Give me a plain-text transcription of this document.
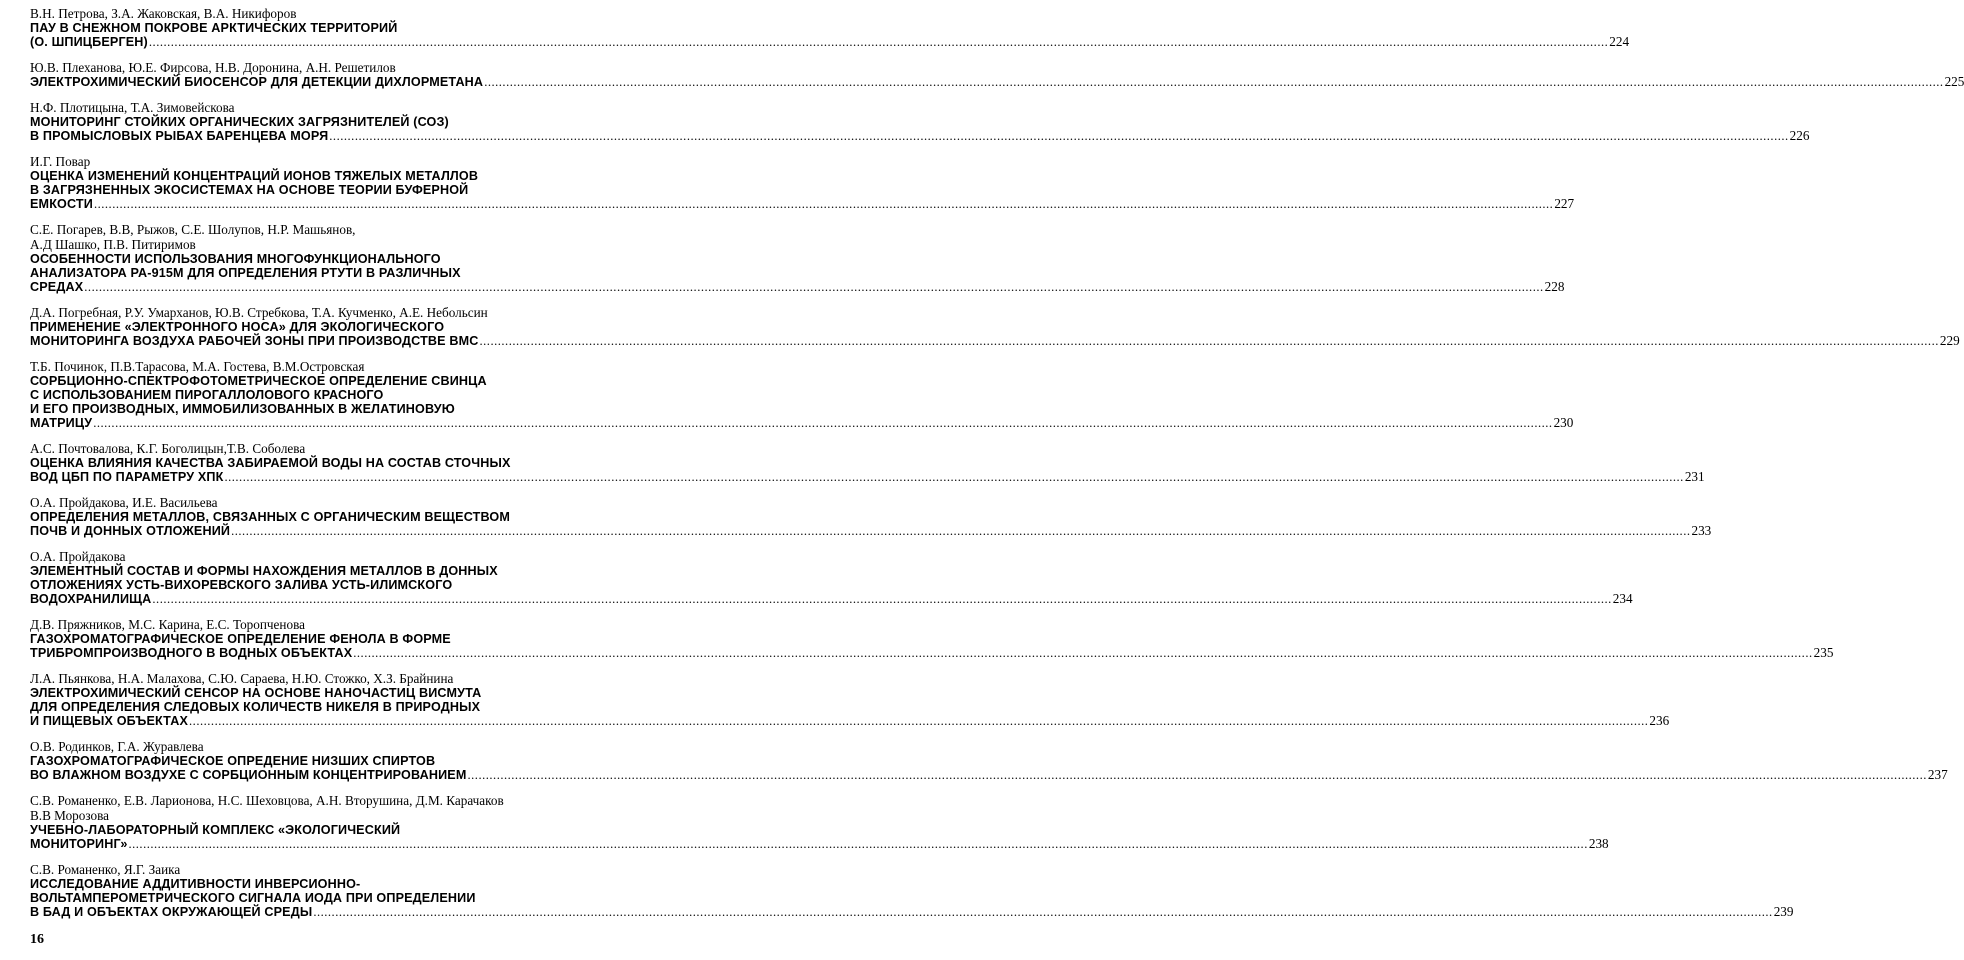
В.Н. Петрова, З.А. Жаковская, В.А. Никифоров
ПАУ В СНЕЖНОМ ПОКРОВЕ АРКТИЧЕСКИХ ТЕРРИТОРИЙ
(О. ШПИЦБЕРГЕН) ................................................................................................................................................................................................................................................................................................................................................................................................................ 224
Ю.В. Плеханова, Ю.Е. Фирсова, Н.В. Доронина, А.Н. Решетилов
ЭЛЕКТРОХИМИЧЕСКИЙ БИОСЕНСОР ДЛЯ ДЕТЕКЦИИ ДИХЛОРМЕТАНА ................................................................................................................................................................................................................................................................................................................................................................................................................ 225
Н.Ф. Плотицына, Т.А. Зимовейскова
МОНИТОРИНГ СТОЙКИХ ОРГАНИЧЕСКИХ ЗАГРЯЗНИТЕЛЕЙ (СОЗ)
В ПРОМЫСЛОВЫХ РЫБАХ БАРЕНЦЕВА МОРЯ ................................................................................................................................................................................................................................................................................................................................................................................................................ 226
И.Г. Повар
ОЦЕНКА ИЗМЕНЕНИЙ КОНЦЕНТРАЦИЙ ИОНОВ ТЯЖЕЛЫХ МЕТАЛЛОВ
В ЗАГРЯЗНЕННЫХ ЭКОСИСТЕМАХ НА ОСНОВЕ ТЕОРИИ БУФЕРНОЙ
ЕМКОСТИ ................................................................................................................................................................................................................................................................................................................................................................................................................ 227
С.Е. Погарев, В.В, Рыжов, С.Е. Шолупов, Н.Р. Машьянов,
А.Д Шашко, П.В. Питиримов
ОСОБЕННОСТИ ИСПОЛЬЗОВАНИЯ МНОГОФУНКЦИОНАЛЬНОГО
АНАЛИЗАТОРА РА-915М ДЛЯ ОПРЕДЕЛЕНИЯ РТУТИ В РАЗЛИЧНЫХ
СРЕДАХ ................................................................................................................................................................................................................................................................................................................................................................................................................ 228
Д.А. Погребная, Р.У. Умарханов, Ю.В. Стребкова, Т.А. Кучменко, А.Е. Небольсин
ПРИМЕНЕНИЕ «ЭЛЕКТРОННОГО НОСА» ДЛЯ ЭКОЛОГИЧЕСКОГО
МОНИТОРИНГА ВОЗДУХА РАБОЧЕЙ ЗОНЫ ПРИ ПРОИЗВОДСТВЕ ВМС ................................................................................................................................................................................................................................................................................................................................................................................................................ 229
Т.Б. Починок, П.В.Тарасова, М.А. Гостева, В.М.Островская
СОРБЦИОННО-СПЕКТРОФОТОМЕТРИЧЕСКОЕ ОПРЕДЕЛЕНИЕ СВИНЦА
С ИСПОЛЬЗОВАНИЕМ ПИРОГАЛЛОЛОВОГО КРАСНОГО
И ЕГО ПРОИЗВОДНЫХ, ИММОБИЛИЗОВАННЫХ В ЖЕЛАТИНОВУЮ
МАТРИЦУ ................................................................................................................................................................................................................................................................................................................................................................................................................ 230
А.С. Почтовалова, К.Г. Боголицын,Т.В. Соболева
ОЦЕНКА ВЛИЯНИЯ КАЧЕСТВА ЗАБИРАЕМОЙ ВОДЫ НА СОСТАВ СТОЧНЫХ
ВОД ЦБП ПО ПАРАМЕТРУ ХПК ................................................................................................................................................................................................................................................................................................................................................................................................................ 231
О.А. Пройдакова, И.Е. Васильева
ОПРЕДЕЛЕНИЯ МЕТАЛЛОВ, СВЯЗАННЫХ С ОРГАНИЧЕСКИМ ВЕЩЕСТВОМ
ПОЧВ И ДОННЫХ ОТЛОЖЕНИЙ ................................................................................................................................................................................................................................................................................................................................................................................................................ 233
О.А. Пройдакова
ЭЛЕМЕНТНЫЙ СОСТАВ И ФОРМЫ НАХОЖДЕНИЯ МЕТАЛЛОВ В ДОННЫХ
ОТЛОЖЕНИЯХ УСТЬ-ВИХОРЕВСКОГО ЗАЛИВА УСТЬ-ИЛИМСКОГО
ВОДОХРАНИЛИЩА ................................................................................................................................................................................................................................................................................................................................................................................................................ 234
Д.В. Пряжников, М.С. Карина, Е.С. Торопченова
ГАЗОХРОМАТОГРАФИЧЕСКОЕ ОПРЕДЕЛЕНИЕ ФЕНОЛА В ФОРМЕ
ТРИБРОМПРОИЗВОДНОГО В ВОДНЫХ ОБЪЕКТАХ ................................................................................................................................................................................................................................................................................................................................................................................................................ 235
Л.А. Пьянкова, Н.А. Малахова, С.Ю. Сараева, Н.Ю. Стожко, Х.З. Брайнина
ЭЛЕКТРОХИМИЧЕСКИЙ СЕНСОР НА ОСНОВЕ НАНОЧАСТИЦ ВИСМУТА
ДЛЯ ОПРЕДЕЛЕНИЯ СЛЕДОВЫХ КОЛИЧЕСТВ НИКЕЛЯ В ПРИРОДНЫХ
И ПИЩЕВЫХ ОБЪЕКТАХ ................................................................................................................................................................................................................................................................................................................................................................................................................ 236
О.В. Родинков, Г.А. Журавлева
ГАЗОХРОМАТОГРАФИЧЕСКОЕ ОПРЕДЕНИЕ НИЗШИХ СПИРТОВ
ВО ВЛАЖНОМ ВОЗДУХЕ С СОРБЦИОННЫМ КОНЦЕНТРИРОВАНИЕМ ................................................................................................................................................................................................................................................................................................................................................................................................................ 237
С.В. Романенко, Е.В. Ларионова, Н.С. Шеховцова, А.Н. Вторушина, Д.М. Карачаков
В.В Морозова
УЧЕБНО-ЛАБОРАТОРНЫЙ КОМПЛЕКС «ЭКОЛОГИЧЕСКИЙ
МОНИТОРИНГ» ................................................................................................................................................................................................................................................................................................................................................................................................................ 238
С.В. Романенко, Я.Г. Заика
ИССЛЕДОВАНИЕ АДДИТИВНОСТИ ИНВЕРСИОННО-
ВОЛЬТАМПЕРОМЕТРИЧЕСКОГО СИГНАЛА ИОДА ПРИ ОПРЕДЕЛЕНИИ
В БАД И ОБЪЕКТАХ ОКРУЖАЮЩЕЙ СРЕДЫ ................................................................................................................................................................................................................................................................................................................................................................................................................ 239
16
